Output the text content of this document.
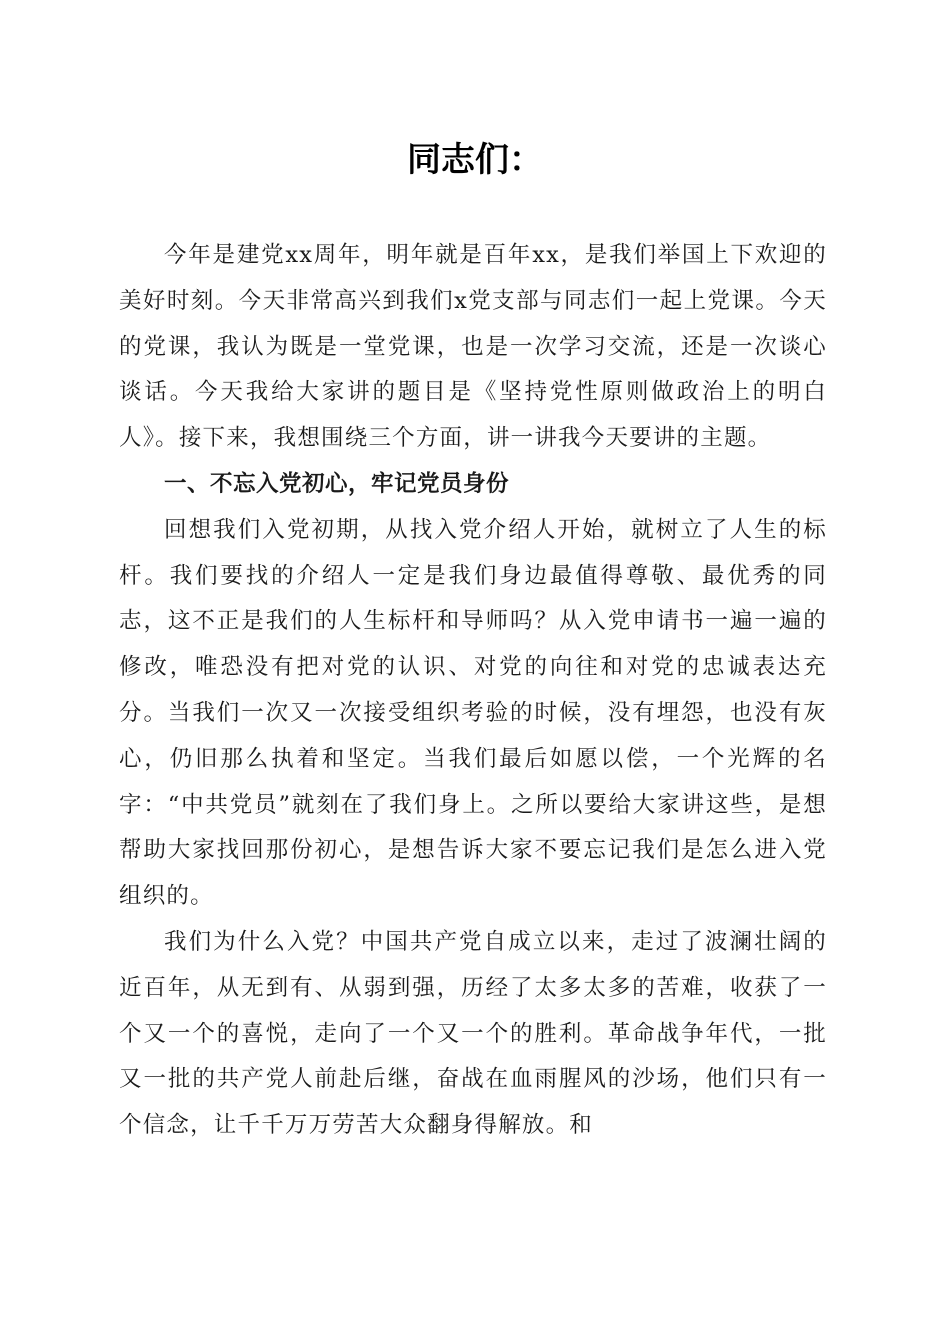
同志们：

今年是建党xx周年，明年就是百年xx，是我们举国上下欢迎的美好时刻。今天非常高兴到我们x党支部与同志们一起上党课。今天的党课，我认为既是一堂党课，也是一次学习交流，还是一次谈心谈话。今天我给大家讲的题目是《坚持党性原则做政治上的明白人》。接下来，我想围绕三个方面，讲一讲我今天要讲的主题。

一、不忘入党初心，牢记党员身份

回想我们入党初期，从找入党介绍人开始，就树立了人生的标杆。我们要找的介绍人一定是我们身边最值得尊敬、最优秀的同志，这不正是我们的人生标杆和导师吗？从入党申请书一遍一遍的修改，唯恐没有把对党的认识、对党的向往和对党的忠诚表达充分。当我们一次又一次接受组织考验的时候，没有埋怨，也没有灰心，仍旧那么执着和坚定。当我们最后如愿以偿，一个光辉的名字：“中共党员”就刻在了我们身上。之所以要给大家讲这些，是想帮助大家找回那份初心，是想告诉大家不要忘记我们是怎么进入党组织的。

我们为什么入党？中国共产党自成立以来，走过了波澜壮阔的近百年，从无到有、从弱到强，历经了太多太多的苦难，收获了一个又一个的喜悦，走向了一个又一个的胜利。革命战争年代，一批又一批的共产党人前赴后继，奋战在血雨腥风的沙场，他们只有一个信念，让千千万万劳苦大众翻身得解放。和
